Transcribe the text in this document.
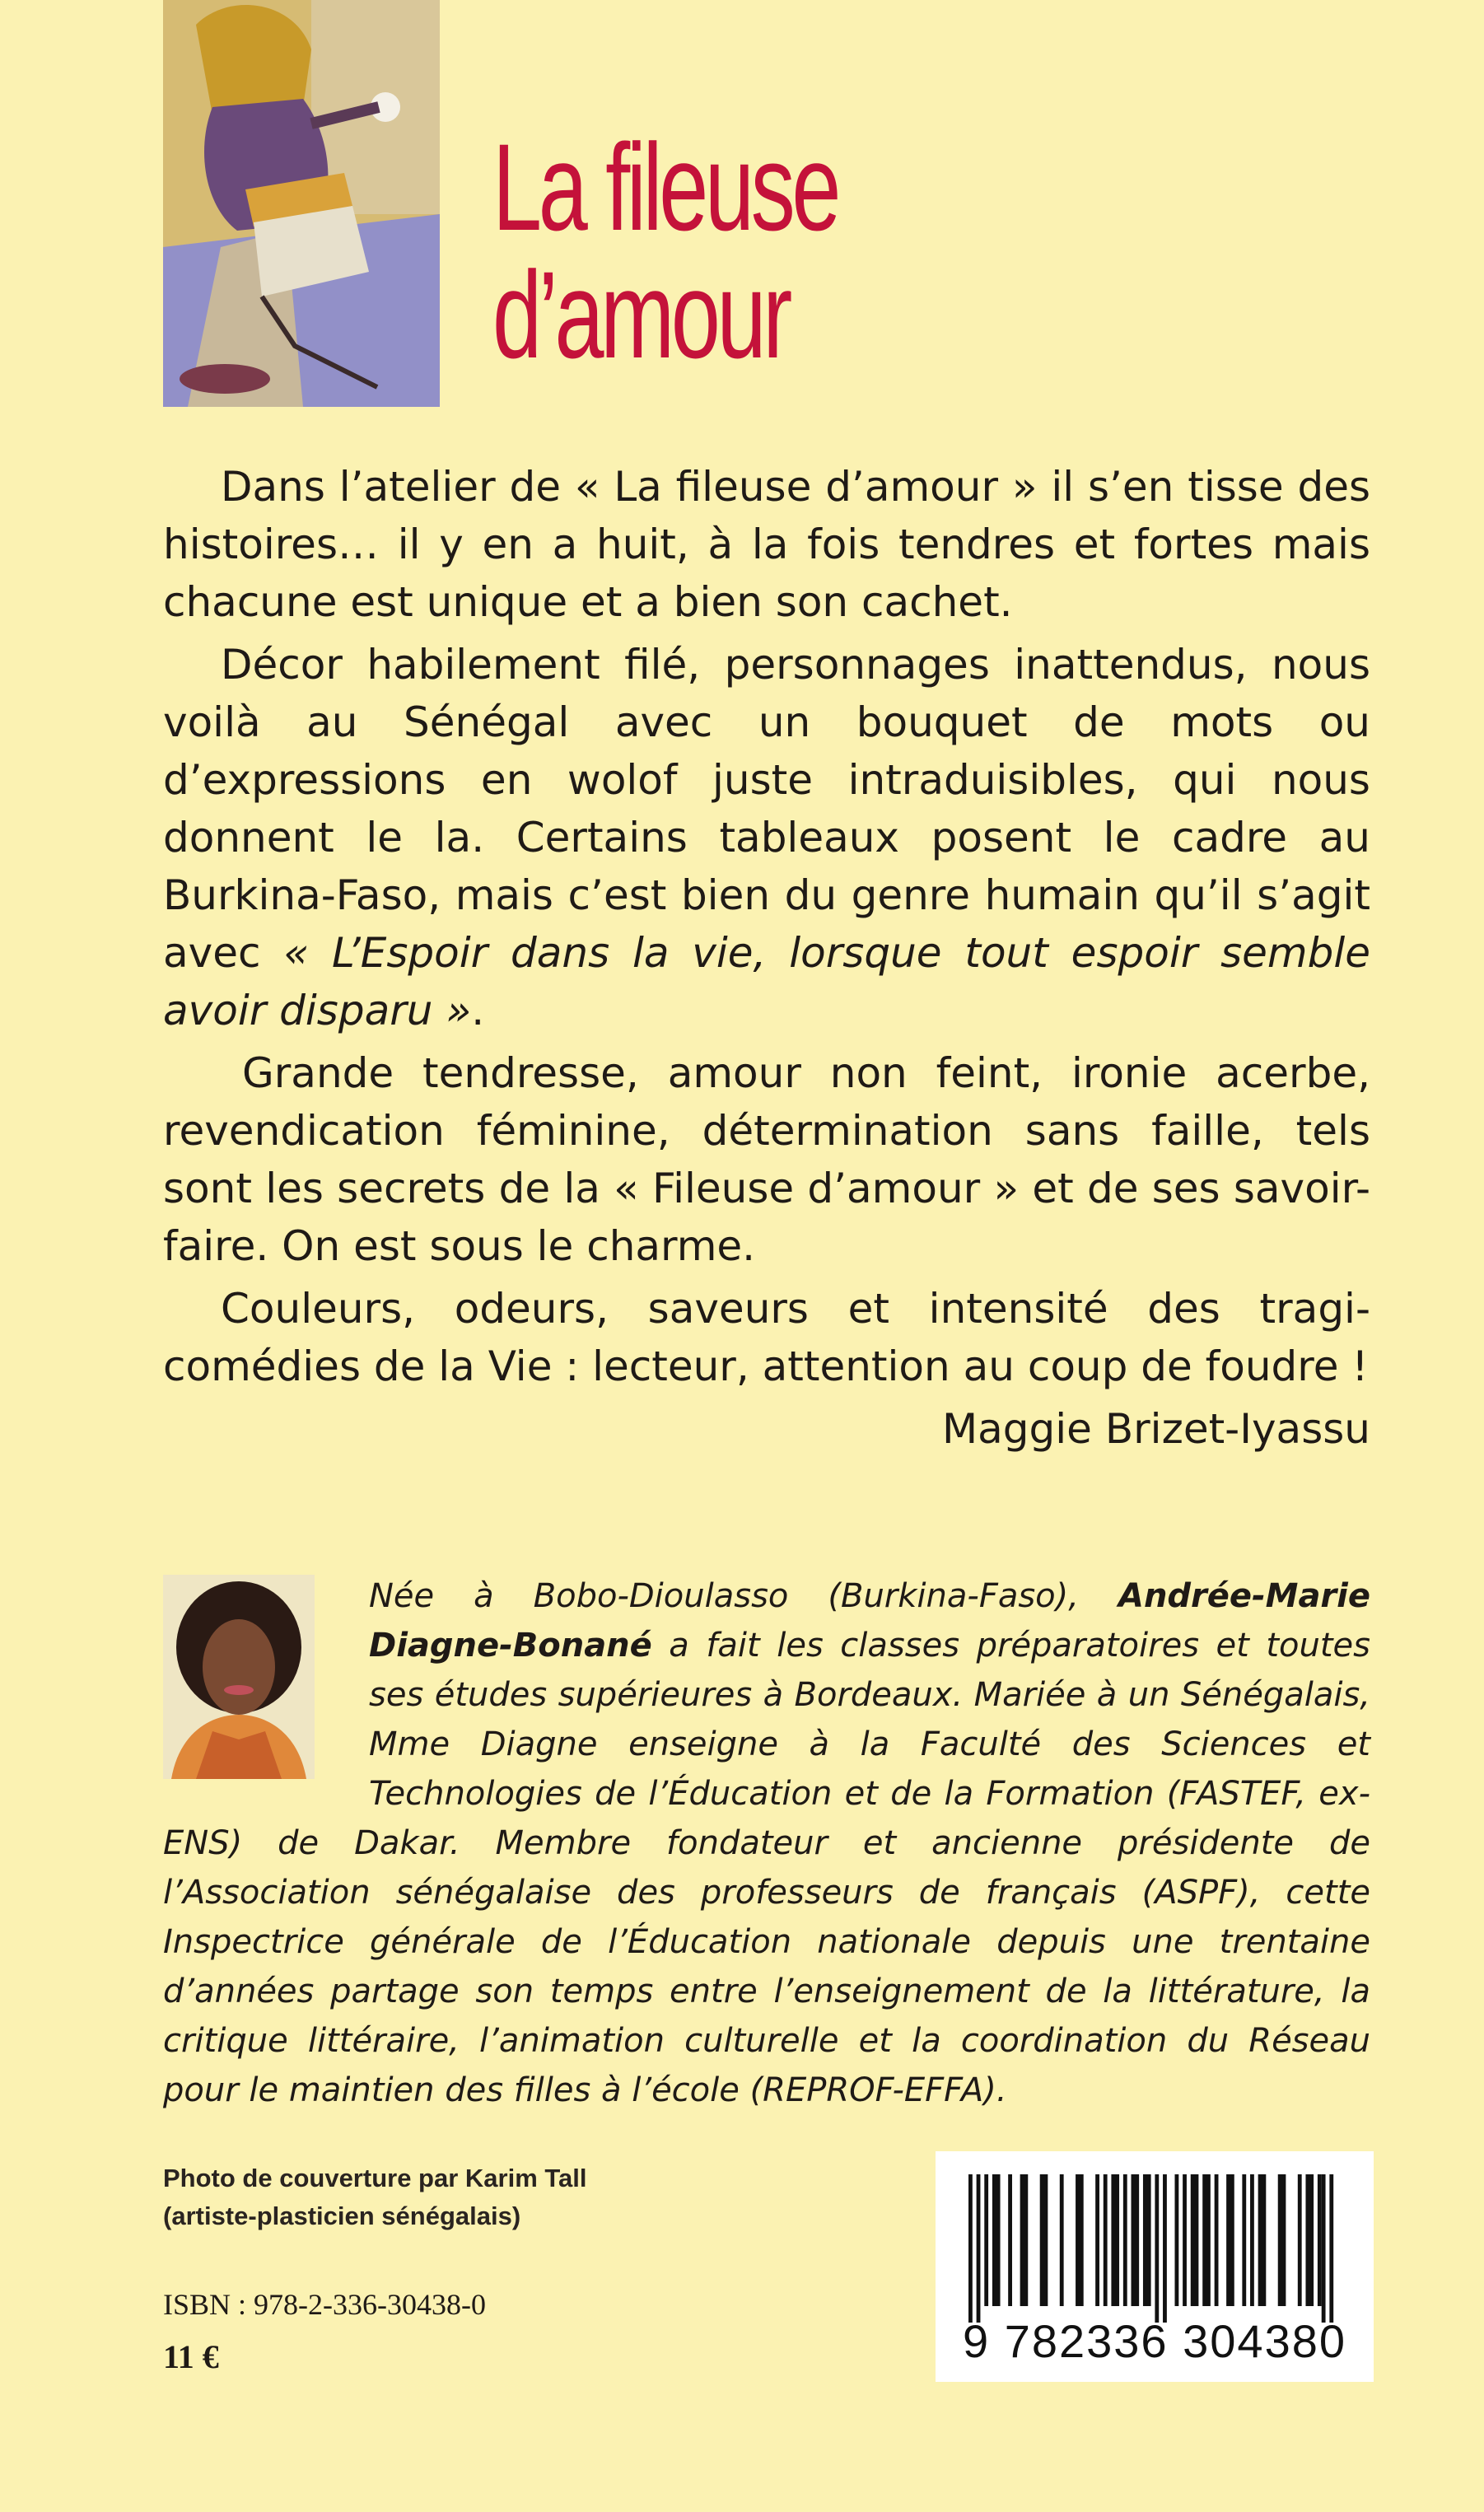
La fileuse
d’amour

Dans l’atelier de « La fileuse d’amour » il s’en tisse des histoires… il y en a huit, à la fois tendres et fortes mais chacune est unique et a bien son cachet.

Décor habilement filé, personnages inattendus, nous voilà au Sénégal avec un bouquet de mots ou d’expressions en wolof juste intraduisibles, qui nous donnent le la. Certains tableaux posent le cadre au Burkina-Faso, mais c’est bien du genre humain qu’il s’agit avec « L’Espoir dans la vie, lorsque tout espoir semble avoir disparu ».

Grande tendresse, amour non feint, ironie acerbe, revendication féminine, détermination sans faille, tels sont les secrets de la « Fileuse d’amour » et de ses savoir-faire. On est sous le charme.

Couleurs, odeurs, saveurs et intensité des tragi-comédies de la Vie : lecteur, attention au coup de foudre !

Maggie Brizet-Iyassu
Née à Bobo-Dioulasso (Burkina-Faso), Andrée-Marie Diagne-Bonané a fait les classes préparatoires et toutes ses études supérieures à Bordeaux. Mariée à un Sénégalais, Mme Diagne enseigne à la Faculté des Sciences et Technologies de l’Éducation et de la Formation (FASTEF, ex-ENS) de Dakar. Membre fondateur et ancienne présidente de l’Association sénégalaise des professeurs de français (ASPF), cette Inspectrice générale de l’Éducation nationale depuis une trentaine d’années partage son temps entre l’enseignement de la littérature, la critique littéraire, l’animation culturelle et la coordination du Réseau pour le maintien des filles à l’école (REPROF-EFFA).
Photo de couverture par Karim Tall
(artiste-plasticien sénégalais)
ISBN : 978-2-336-30438-0
11 €	9 782336 304380
